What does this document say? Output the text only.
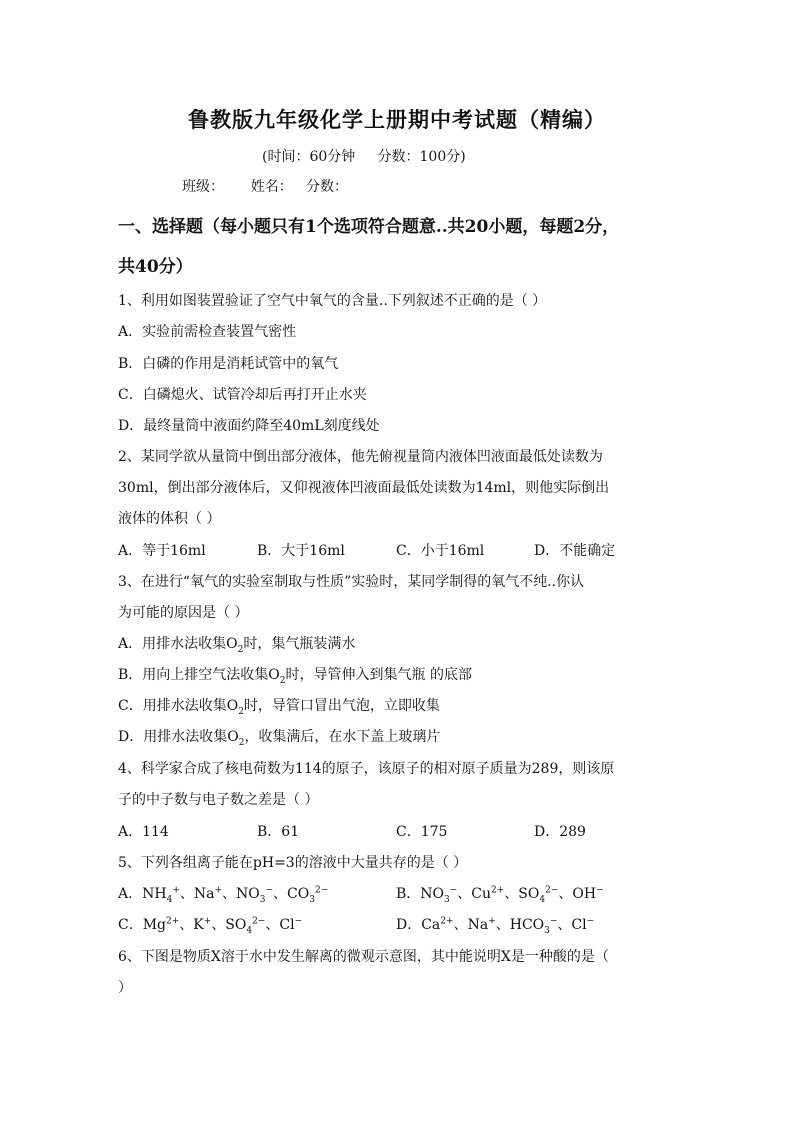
鲁教版九年级化学上册期中考试题（精编）
(时间：60分钟     分数：100分)
班级：      姓名：   分数：
一、选择题（每小题只有1个选项符合题意..共20小题，每题2分，
共40分）
1、利用如图装置验证了空气中氧气的含量..下列叙述不正确的是（ ）
A．实验前需检查装置气密性
B．白磷的作用是消耗试管中的氧气
C．白磷熄火、试管冷却后再打开止水夹
D．最终量筒中液面约降至40mL刻度线处
2、某同学欲从量筒中倒出部分液体，他先俯视量筒内液体凹液面最低处读数为
30ml，倒出部分液体后，又仰视液体凹液面最低处读数为14ml，则他实际倒出
液体的体积（ ）
A．等于16ml	B．大于16ml	C．小于16ml	D．不能确定
3、在进行“氧气的实验室制取与性质”实验时，某同学制得的氧气不纯..你认
为可能的原因是（ ）
A．用排水法收集$O_2$时，集气瓶装满水
B．用向上排空气法收集$O_2$时，导管伸入到集气瓶 的底部
C．用排水法收集$O_2$时，导管口冒出气泡，立即收集
D．用排水法收集$O_2$，收集满后，在水下盖上玻璃片
4、科学家合成了核电荷数为114的原子，该原子的相对原子质量为289，则该原
子的中子数与电子数之差是（ ）
A．114	B．61	C．175	D．289
5、下列各组离子能在pH=3的溶液中大量共存的是（ ）
A．$NH_4^+$、Na+、$NO_3^-$、$CO_3^{2-}$	B．$NO_3^-$、$Cu^{2+}$、$SO_4^{2-}$、OH−
C．$Mg^{2+}$、K+、$SO_4^{2-}$、Cl−	D．$Ca^{2+}$、Na+、$HCO_3^-$、Cl−
6、下图是物质X溶于水中发生解离的微观示意图，其中能说明X是一种酸的是（
）
